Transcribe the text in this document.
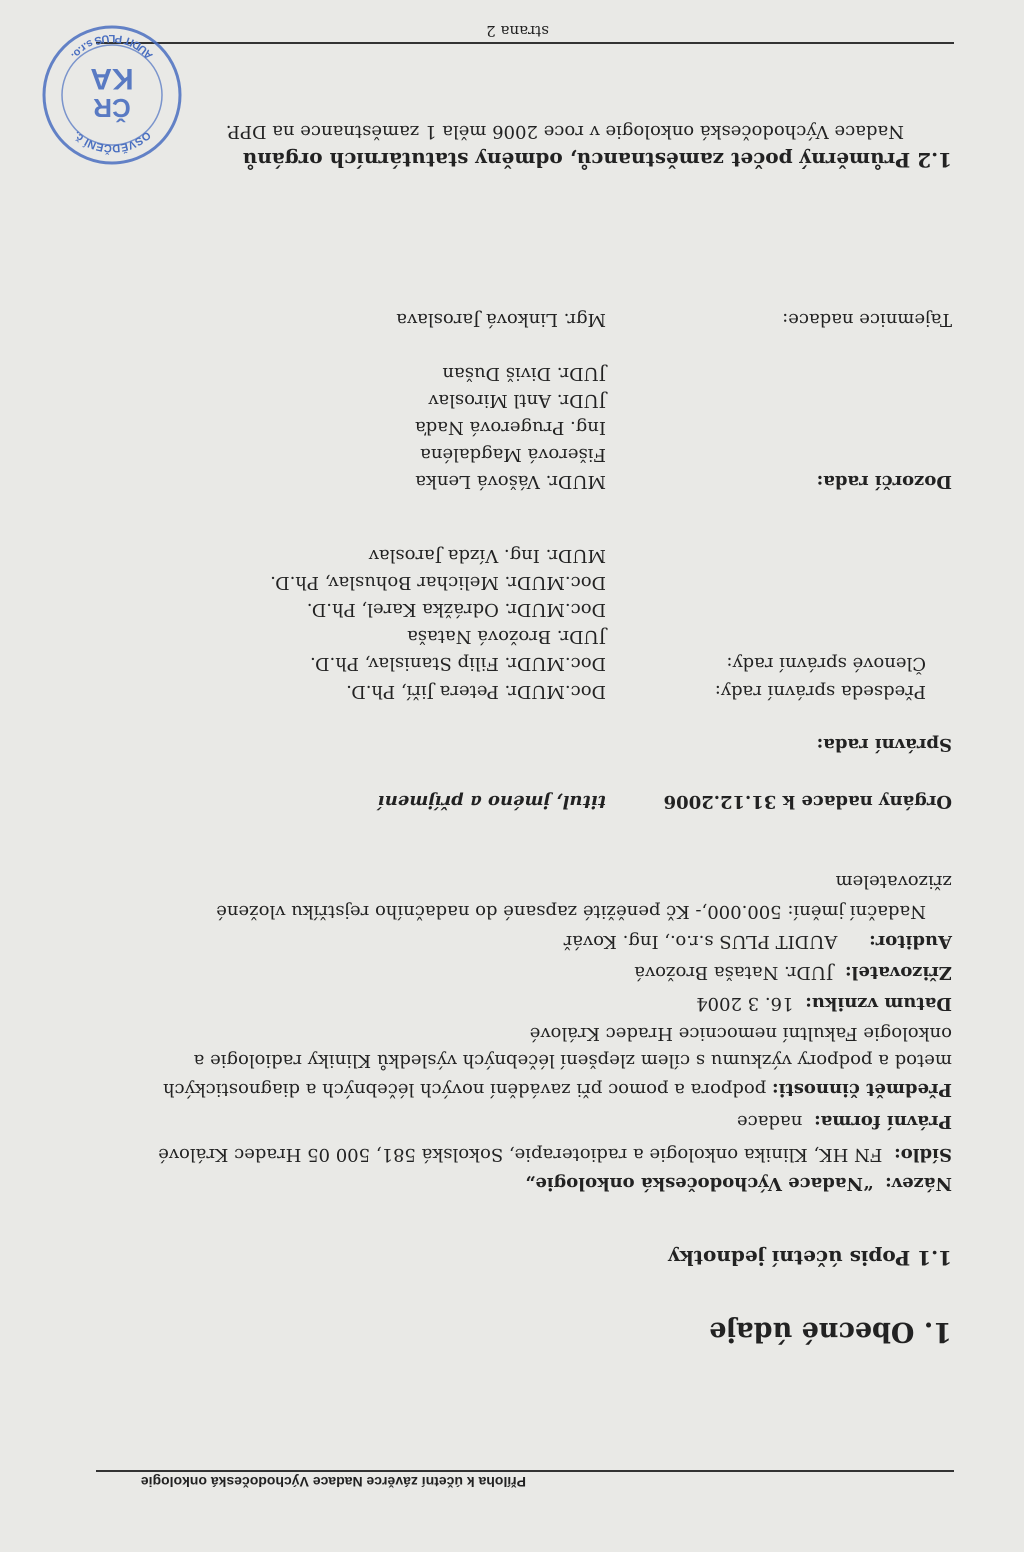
Příloha k účetní závěrce Nadace Východočeská onkologie
1. Obecné údaje
1.1 Popis účetní jednotky
Název: “Nadace Východočeská onkologie„
Sídlo: FN HK, Klinika onkologie a radioterapie, Sokolská 581, 500 05 Hradec Králové
Právní forma: nadace
Předmět činnosti: podpora a pomoc při zavádění nových léčebných a diagnostických
metod a podpory výzkumu s cílem zlepšení léčebných výsledků Kliniky radiologie a
onkologie Fakultní nemocnice Hradec Králové
Datum vzniku: 16. 3 2004
Zřizovatel: JUDr. Nataša Brožová
Auditor: AUDIT PLUS s.r.o., Ing. Kovář
Nadační jmění: 500.000,- Kč peněžité zapsané do nadačního rejstříku vložené
zřizovatelem
Orgány nadace k 31.12.2006
titul, jméno a příjmení
Správní rada:
Předseda správní rady:
Doc.MUDr. Petera Jiří, Ph.D.
Členové správní rady:
Doc.MUDr. Filip Stanislav, Ph.D.
JUDr. Brožová Nataša
Doc.MUDr. Odrážka Karel, Ph.D.
Doc.MUDr. Melichar Bohuslav, Ph.D.
MUDr. Ing. Vízda Jaroslav
Dozorčí rada:
MUDr. Vášová Lenka
Fišerová Magdaléna
Ing. Prugerová Naďa
JUDr. Antl Miroslav
JUDr. Diviš Dušan
Tajemnice nadace:
Mgr. Linková Jaroslava
1.2 Průměrný počet zaměstnanců, odměny statutárních orgánů
Nadace Východočeská onkologie v roce 2006 měla 1 zaměstnance na DPP.
strana 2
OSVĚDČENÍ č.
AUDIT PLUS s.r.o.
ČR
KA
